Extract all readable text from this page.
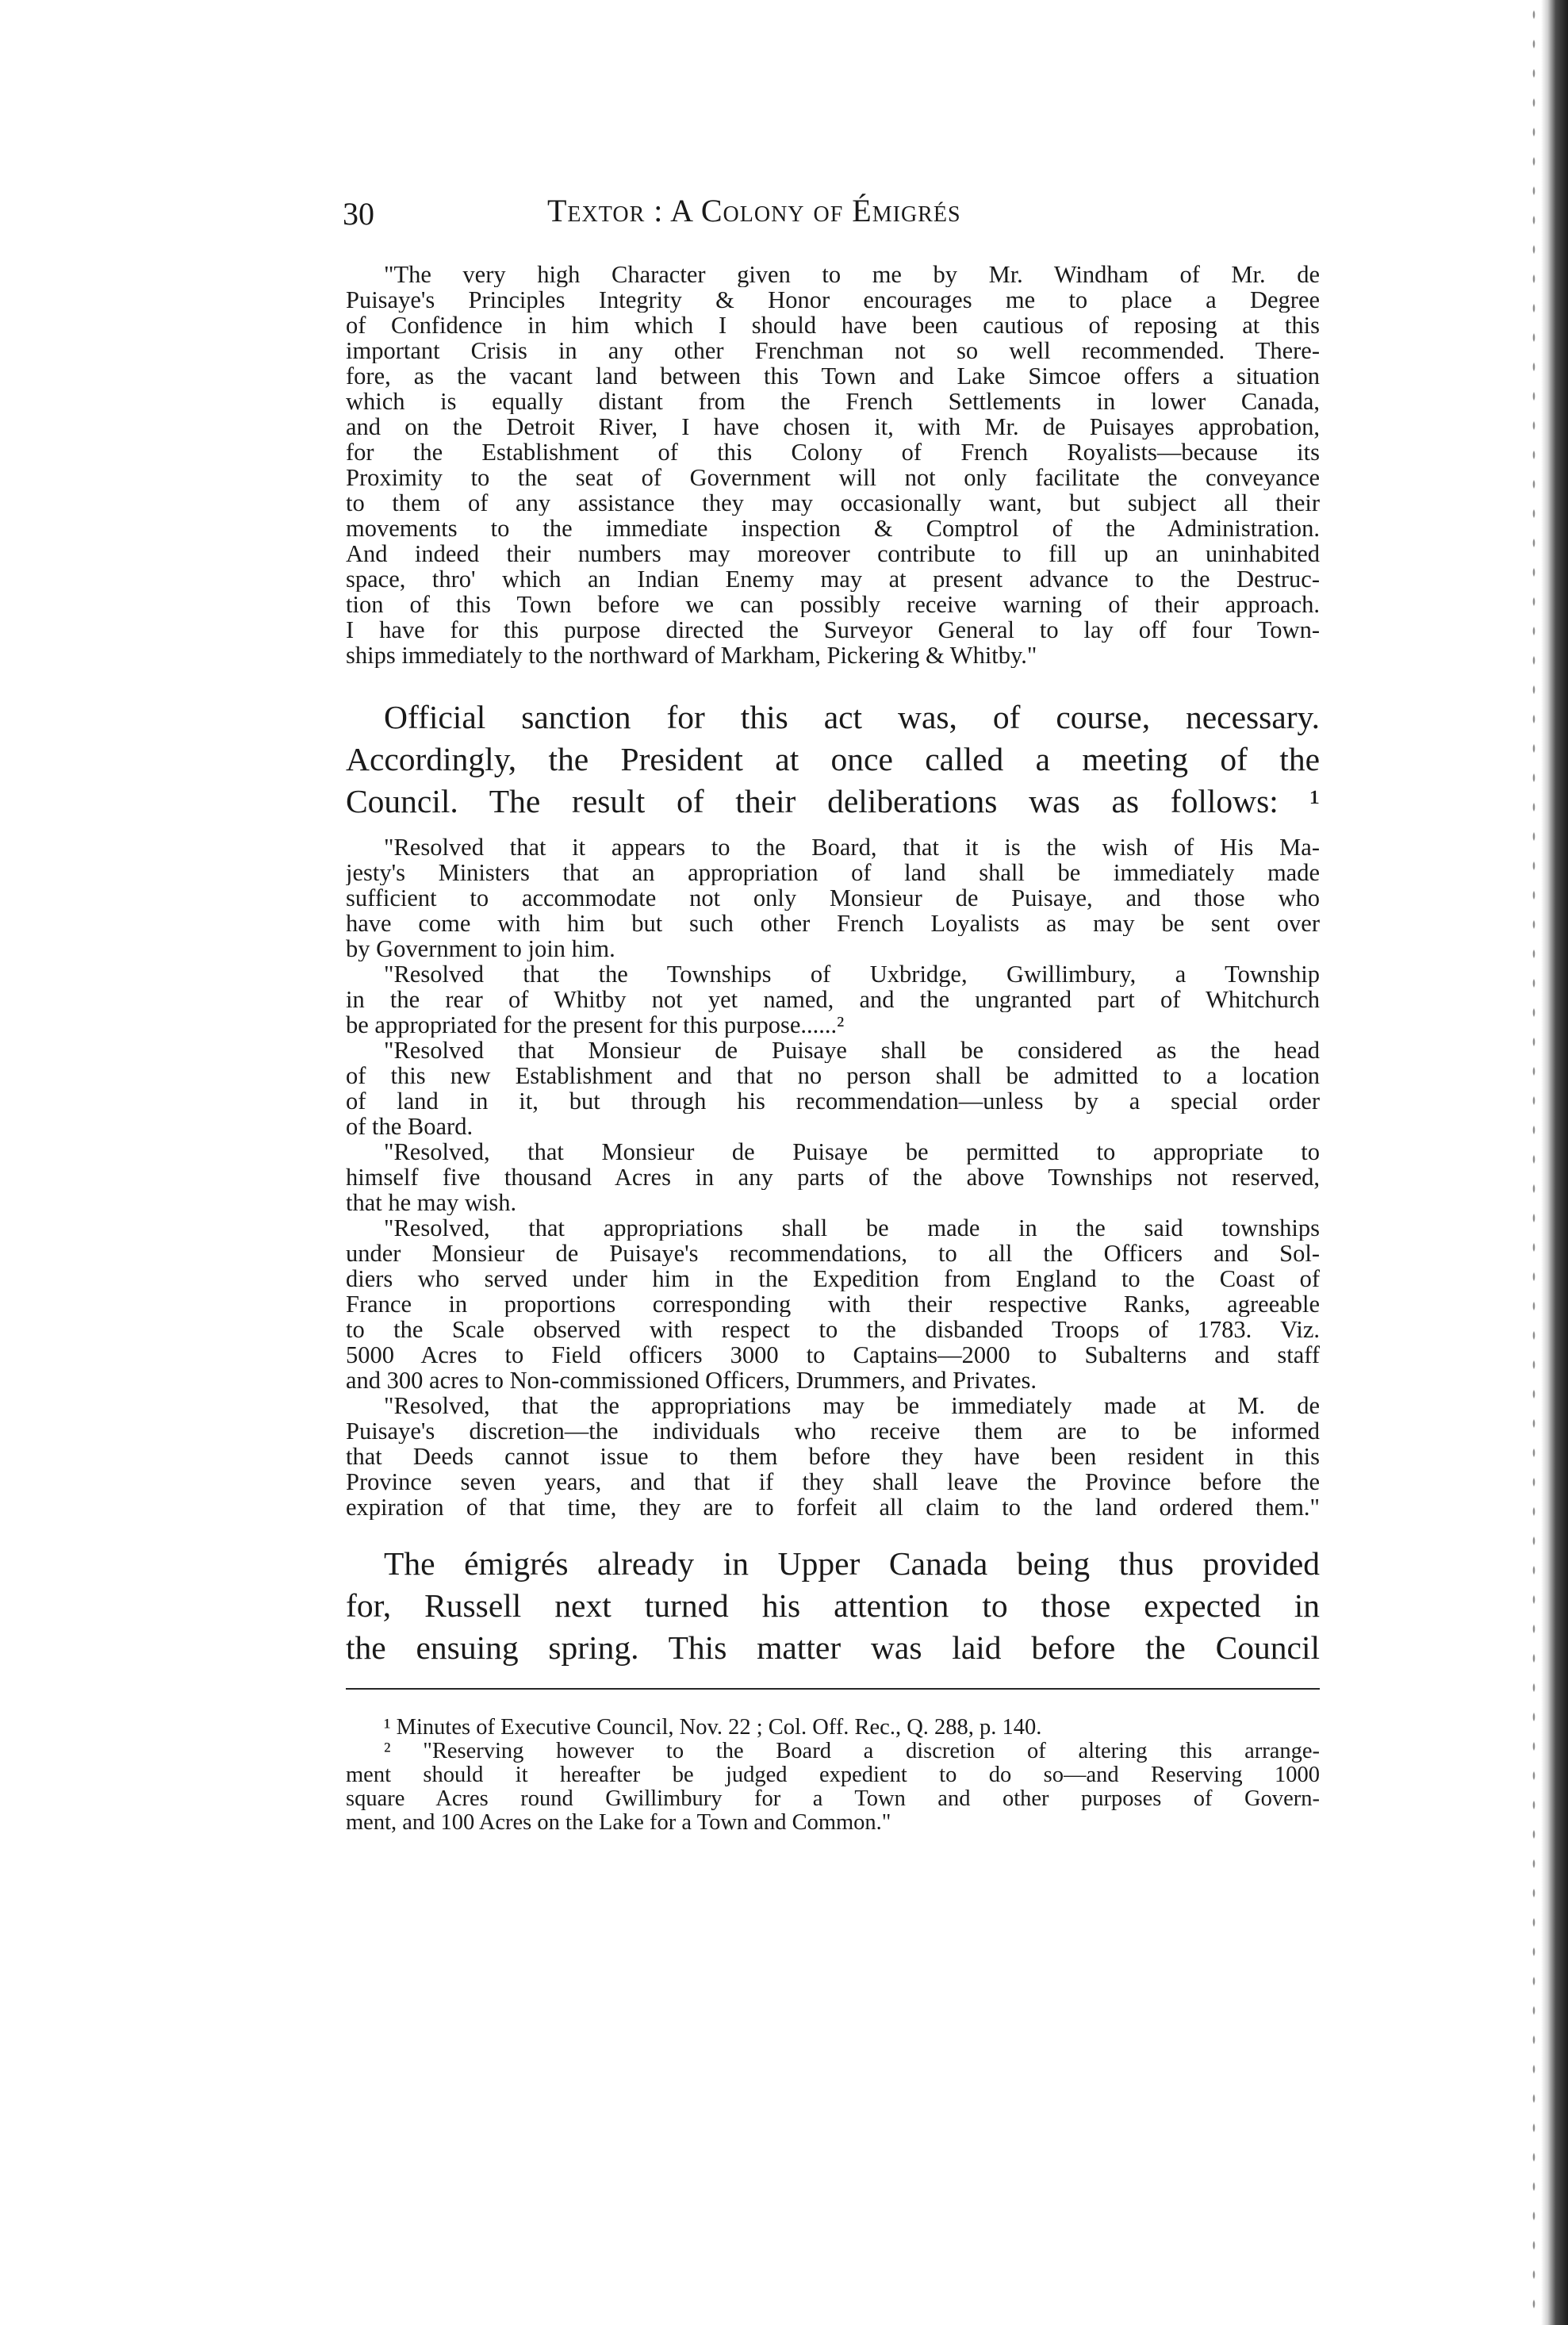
30	Textor : A Colony of Émigrés
"The very high Character given to me by Mr. Windham of Mr. de
Puisaye's Principles Integrity & Honor encourages me to place a Degree
of Confidence in him which I should have been cautious of reposing at this
important Crisis in any other Frenchman not so well recommended. There-
fore, as the vacant land between this Town and Lake Simcoe offers a situation
which is equally distant from the French Settlements in lower Canada,
and on the Detroit River, I have chosen it, with Mr. de Puisayes approbation,
for the Establishment of this Colony of French Royalists—because its
Proximity to the seat of Government will not only facilitate the conveyance
to them of any assistance they may occasionally want, but subject all their
movements to the immediate inspection & Comptrol of the Administration.
And indeed their numbers may moreover contribute to fill up an uninhabited
space, thro' which an Indian Enemy may at present advance to the Destruc-
tion of this Town before we can possibly receive warning of their approach.
I have for this purpose directed the Surveyor General to lay off four Town-
ships immediately to the northward of Markham, Pickering & Whitby."
Official sanction for this act was, of course, necessary.
Accordingly, the President at once called a meeting of the
Council. The result of their deliberations was as follows: ¹
"Resolved that it appears to the Board, that it is the wish of His Ma-
jesty's Ministers that an appropriation of land shall be immediately made
sufficient to accommodate not only Monsieur de Puisaye, and those who
have come with him but such other French Loyalists as may be sent over
by Government to join him.
"Resolved that the Townships of Uxbridge, Gwillimbury, a Township
in the rear of Whitby not yet named, and the ungranted part of Whitchurch
be appropriated for the present for this purpose......²
"Resolved that Monsieur de Puisaye shall be considered as the head
of this new Establishment and that no person shall be admitted to a location
of land in it, but through his recommendation—unless by a special order
of the Board.
"Resolved, that Monsieur de Puisaye be permitted to appropriate to
himself five thousand Acres in any parts of the above Townships not reserved,
that he may wish.
"Resolved, that appropriations shall be made in the said townships
under Monsieur de Puisaye's recommendations, to all the Officers and Sol-
diers who served under him in the Expedition from England to the Coast of
France in proportions corresponding with their respective Ranks, agreeable
to the Scale observed with respect to the disbanded Troops of 1783. Viz.
5000 Acres to Field officers 3000 to Captains—2000 to Subalterns and staff
and 300 acres to Non-commissioned Officers, Drummers, and Privates.
"Resolved, that the appropriations may be immediately made at M. de
Puisaye's discretion—the individuals who receive them are to be informed
that Deeds cannot issue to them before they have been resident in this
Province seven years, and that if they shall leave the Province before the
expiration of that time, they are to forfeit all claim to the land ordered them."
The émigrés already in Upper Canada being thus provided
for, Russell next turned his attention to those expected in
the ensuing spring. This matter was laid before the Council
¹ Minutes of Executive Council, Nov. 22 ; Col. Off. Rec., Q. 288, p. 140.
² "Reserving however to the Board a discretion of altering this arrange-
ment should it hereafter be judged expedient to do so—and Reserving 1000
square Acres round Gwillimbury for a Town and other purposes of Govern-
ment, and 100 Acres on the Lake for a Town and Common."
